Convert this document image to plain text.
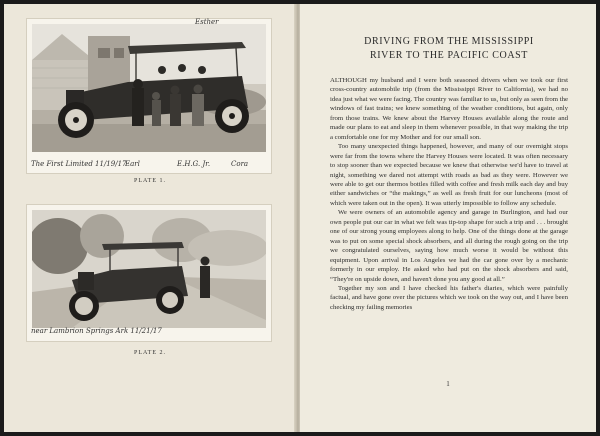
Esther
The First Limited 11/19/17
Earl	E.H.G. Jr.	Cora
PLATE 1.
near Lambrion Springs Ark 11/21/17
PLATE 2.
DRIVING FROM THE MISSISSIPPI
RIVER TO THE PACIFIC COAST

ALTHOUGH my husband and I were both seasoned drivers when we took our first cross-country automobile trip (from the Mississippi River to California), we had no idea just what we were facing. The country was familiar to us, but only as seen from the windows of fast trains; we knew something of the weather conditions, but again, only from those trains. We knew about the Harvey Houses available along the route and made our plans to eat and sleep in them whenever possible, in that way making the trip a comfortable one for my Mother and for our small son.

Too many unexpected things happened, however, and many of our overnight stops were far from the towns where the Harvey Houses were located. It was often necessary to stop sooner than we expected because we knew that otherwise we'd have to travel at night, something we dared not attempt with roads as bad as they were. However we were able to get our thermos bottles filled with coffee and fresh milk each day and buy either sandwiches or “the makings,” as well as fresh fruit for our luncheons (most of which were taken out in the open). It was utterly impossible to follow any schedule.

We were owners of an automobile agency and garage in Burlington, and had our own people put our car in what we felt was tip-top shape for such a trip and . . . brought one of our strong young employees along to help. One of the things done at the garage was to put on some special shock absorbers, and all during the rough going on the trip we congratulated ourselves, saying how much worse it would be without this equipment. Upon arrival in Los Angeles we had the car gone over by a mechanic formerly in our employ. He asked who had put on the shock absorbers and said, “They're on upside down, and haven't done you any good at all.”

Together my son and I have checked his father's diaries, which were painfully factual, and have gone over the pictures which we took on the way out, and I have been checking my failing memories

1
